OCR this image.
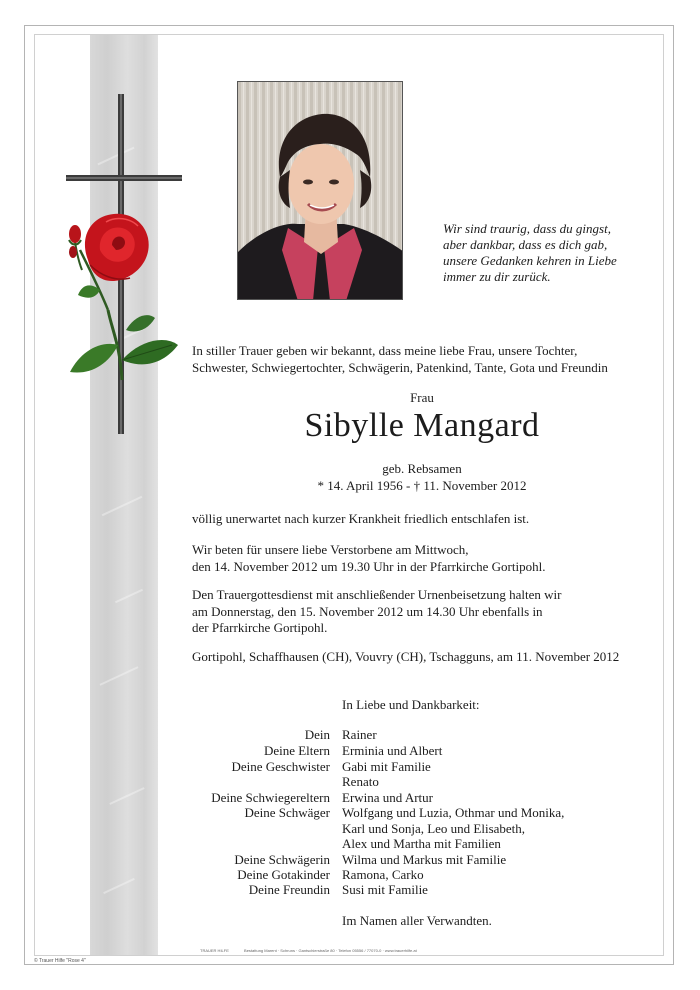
Wir sind traurig, dass du gingst,
aber dankbar, dass es dich gab,
unsere Gedanken kehren in Liebe
immer zu dir zurück.
In stiller Trauer geben wir bekannt, dass meine liebe Frau, unsere Tochter,
Schwester, Schwiegertochter, Schwägerin, Patenkind, Tante, Gota und Freundin
Frau
Sibylle Mangard
geb. Rebsamen
* 14. April 1956 - † 11. November 2012
völlig unerwartet nach kurzer Krankheit friedlich entschlafen ist.
Wir beten für unsere liebe Verstorbene am Mittwoch,
den 14. November 2012 um 19.30 Uhr in der Pfarrkirche Gortipohl.
Den Trauergottesdienst mit anschließender Urnenbeisetzung halten wir
am Donnerstag, den 15. November 2012 um 14.30 Uhr ebenfalls in
der Pfarrkirche Gortipohl.
Gortipohl, Schaffhausen (CH), Vouvry (CH), Tschagguns, am 11. November 2012
In Liebe und Dankbarkeit:
Dein Rainer
Deine Eltern Erminia und Albert
Deine Geschwister Gabi mit Familie
Renato
Deine Schwiegereltern Erwina und Artur
Deine Schwäger Wolfgang und Luzia, Othmar und Monika,
Karl und Sonja, Leo und Elisabeth,
Alex und Martha mit Familien
Deine Schwägerin Wilma und Markus mit Familie
Deine Gotakinder Ramona, Carko
Deine Freundin Susi mit Familie
Im Namen aller Verwandten.
TRAUER HILFE	Bestattung Marent · Schruns · Gantschierstraße 80 · Telefon 05556 / 77070-0 · www.trauerhilfe.at
© Trauer Hilfe "Rose 4"
